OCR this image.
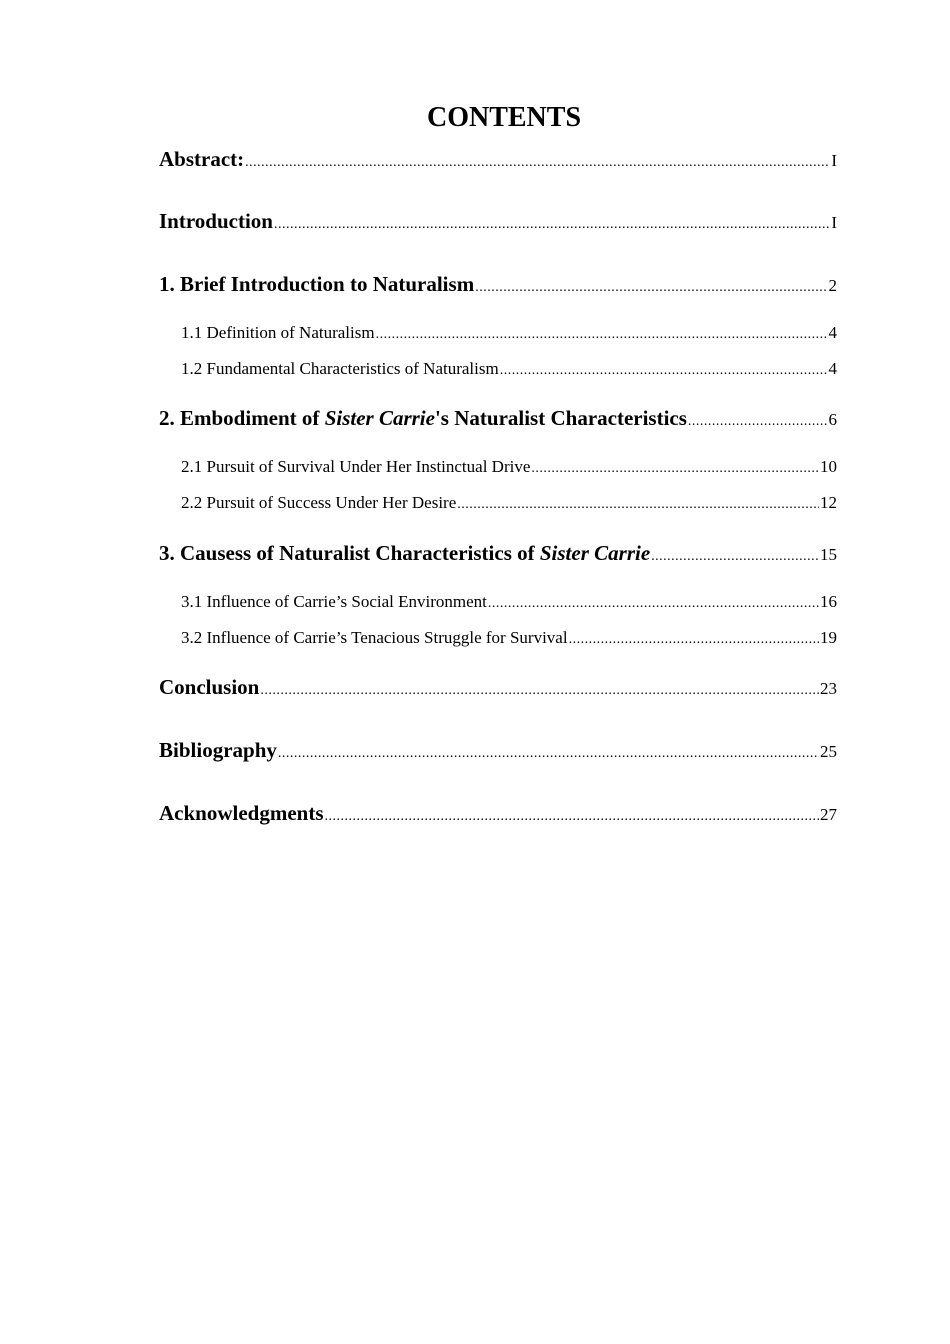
CONTENTS
Abstract: .....	I
Introduction .....	I
1. Brief Introduction to Naturalism .....	2
1.1 Definition of Naturalism .....	4
1.2 Fundamental Characteristics of Naturalism .....	4
2. Embodiment of Sister Carrie's Naturalist Characteristics .....	6
2.1 Pursuit of Survival Under Her Instinctual Drive .....	10
2.2 Pursuit of Success Under Her Desire .....	12
3. Causess of Naturalist Characteristics of Sister Carrie .....	15
3.1 Influence of Carrie’s Social Environment .....	16
3.2 Influence of Carrie’s Tenacious Struggle for Survival .....	19
Conclusion .....	23
Bibliography .....	25
Acknowledgments .....	27
